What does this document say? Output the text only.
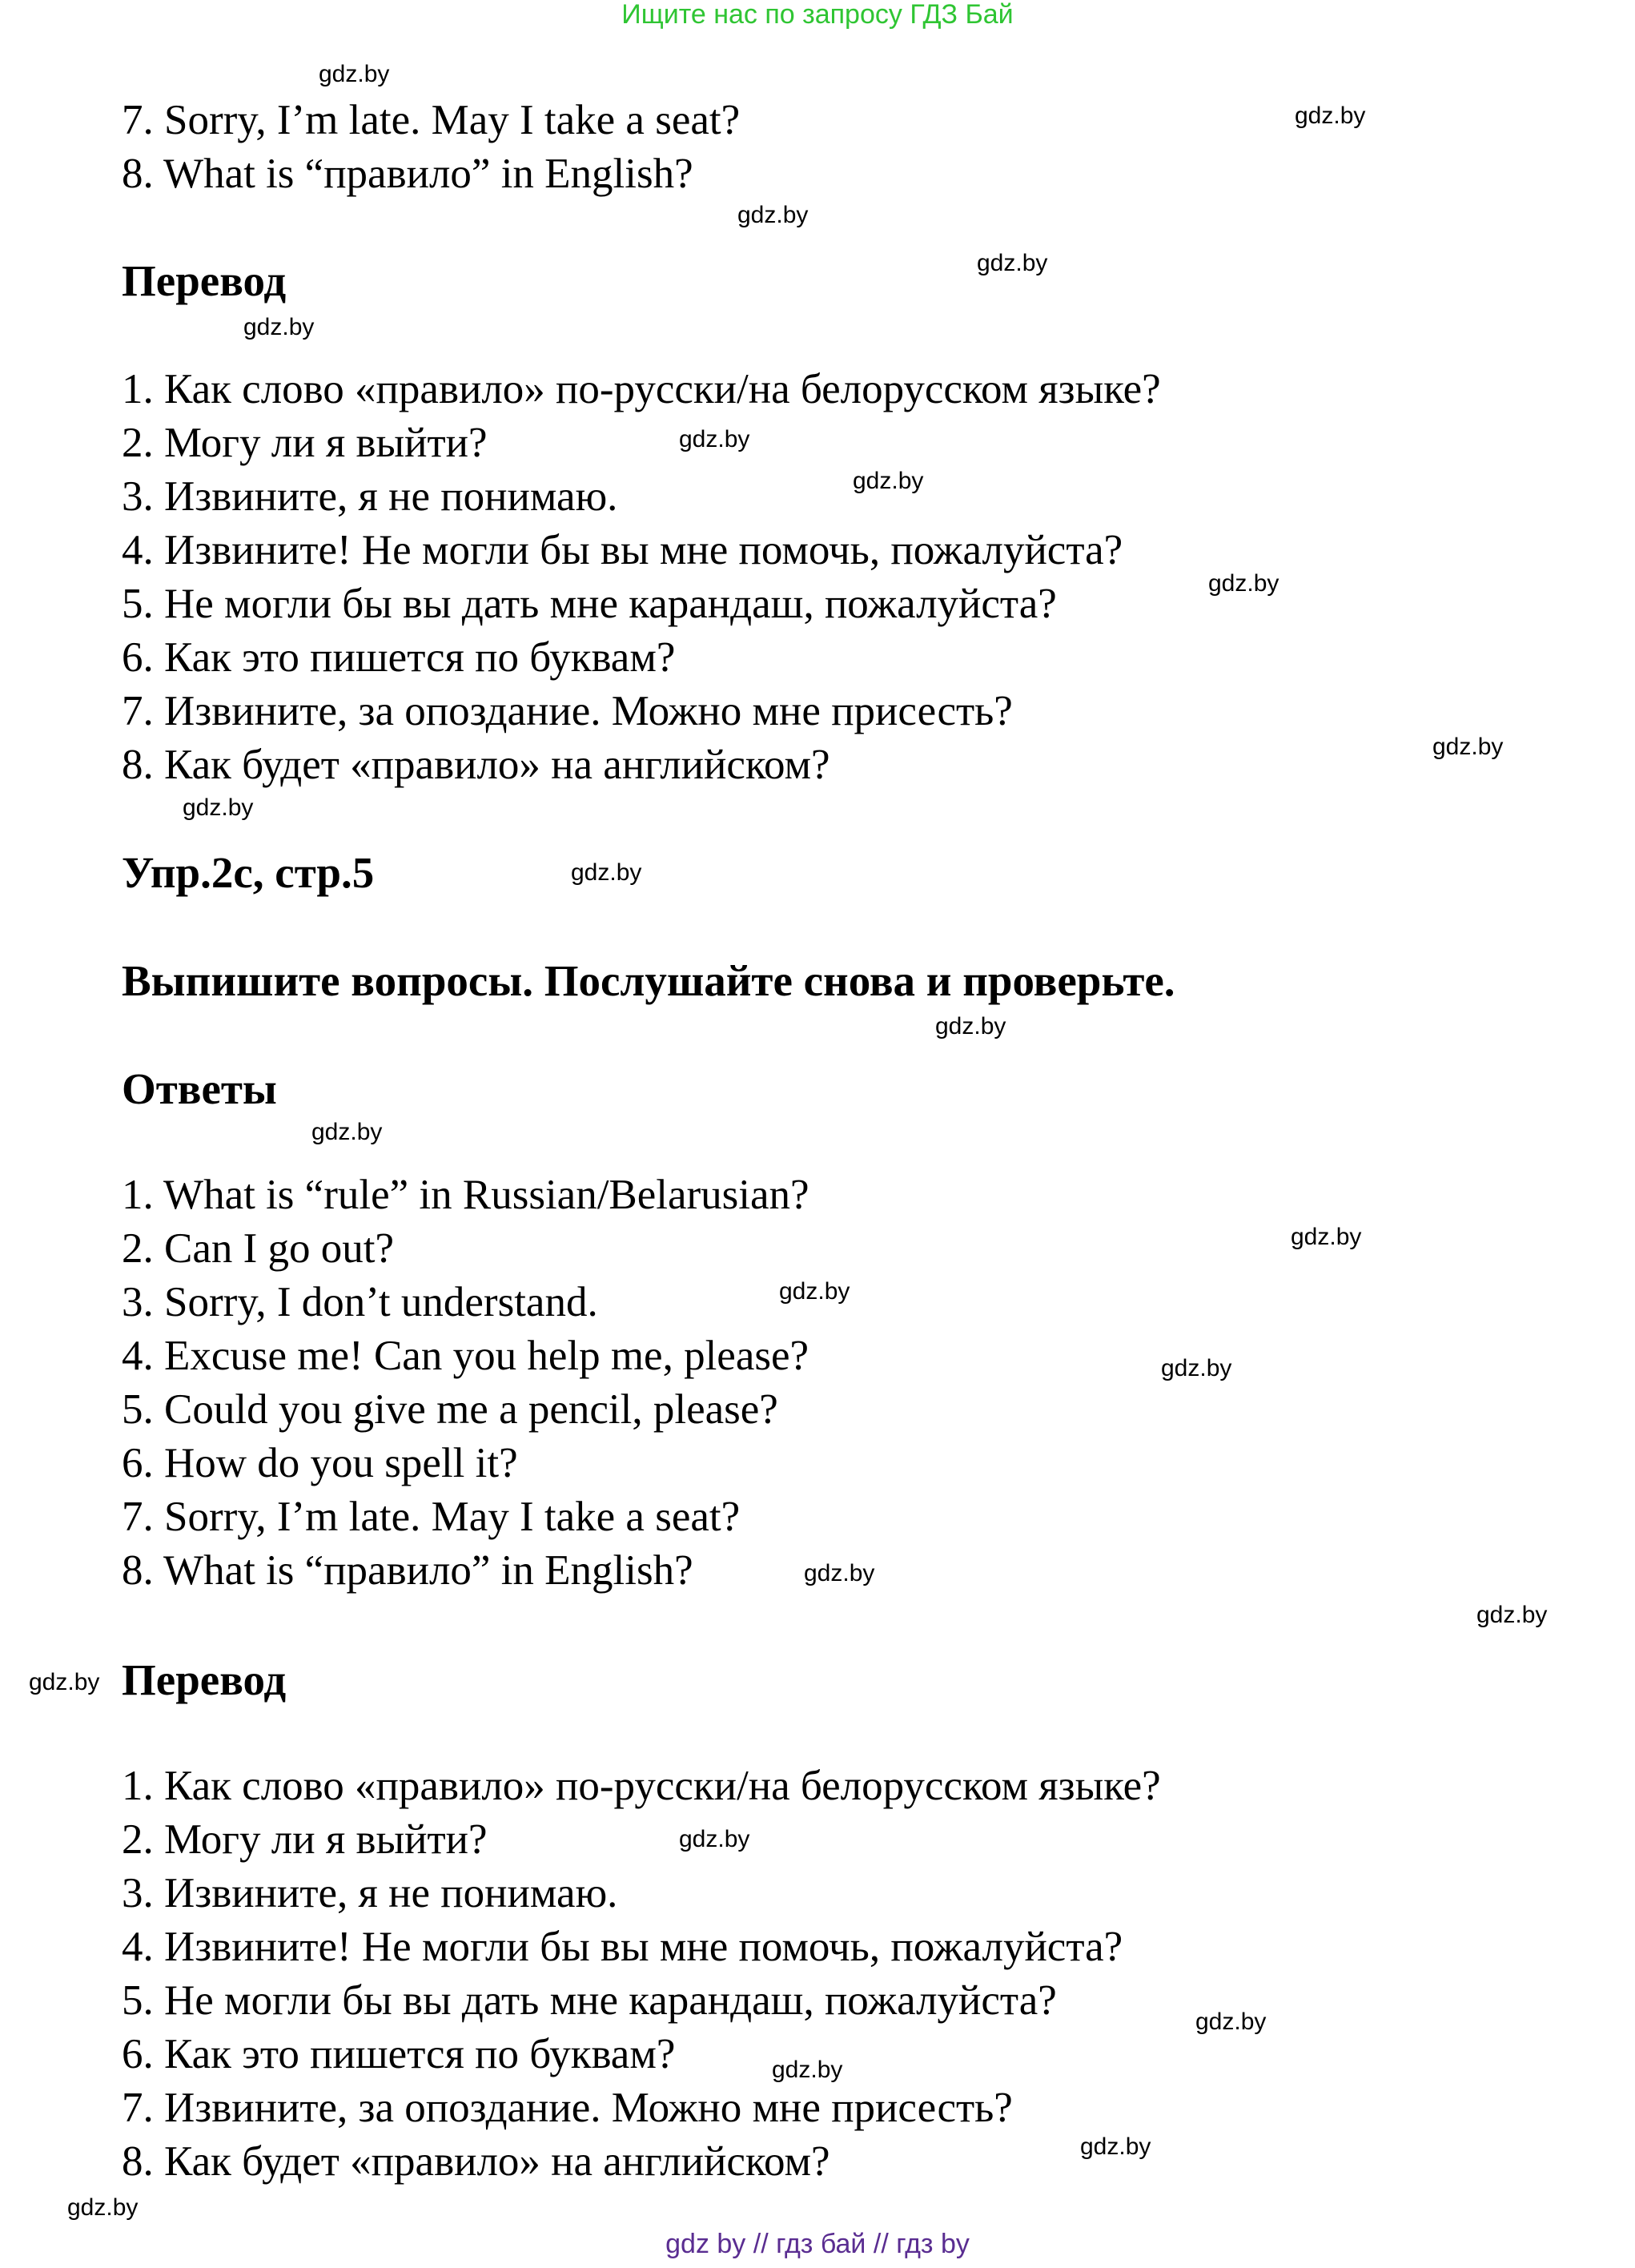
Ищите нас по запросу ГДЗ Бай
7. Sorry, I’m late. May I take a seat?
8. What is “правило” in English?
Перевод
1. Как слово «правило» по-русски/на белорусском языке?
2. Могу ли я выйти?
3. Извините, я не понимаю.
4. Извините! Не могли бы вы мне помочь, пожалуйста?
5. Не могли бы вы дать мне карандаш, пожалуйста?
6. Как это пишется по буквам?
7. Извините, за опоздание. Можно мне присесть?
8. Как будет «правило» на английском?
Упр.2c, стр.5
Выпишите вопросы. Послушайте снова и проверьте.
Ответы
1. What is “rule” in Russian/Belarusian?
2. Can I go out?
3. Sorry, I don’t understand.
4. Excuse me! Can you help me, please?
5. Could you give me a pencil, please?
6. How do you spell it?
7. Sorry, I’m late. May I take a seat?
8. What is “правило” in English?
Перевод
1. Как слово «правило» по-русски/на белорусском языке?
2. Могу ли я выйти?
3. Извините, я не понимаю.
4. Извините! Не могли бы вы мне помочь, пожалуйста?
5. Не могли бы вы дать мне карандаш, пожалуйста?
6. Как это пишется по буквам?
7. Извините, за опоздание. Можно мне присесть?
8. Как будет «правило» на английском?
gdz.by
gdz.by
gdz.by
gdz.by
gdz.by
gdz.by
gdz.by
gdz.by
gdz.by
gdz.by
gdz.by
gdz.by
gdz.by
gdz.by
gdz.by
gdz.by
gdz.by
gdz.by
gdz.by
gdz.by
gdz.by
gdz.by
gdz.by
gdz.by
gdz by // гдз бай // гдз by
